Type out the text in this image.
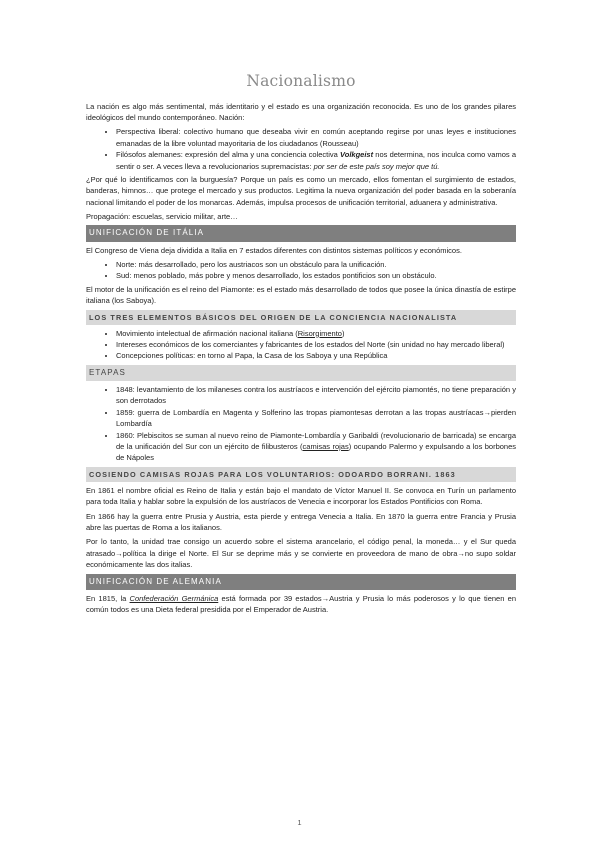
Nacionalismo

La nación es algo más sentimental, más identitario y el estado es una organización reconocida. Es uno de los grandes pilares ideológicos del mundo contemporáneo. Nación:

• Perspectiva liberal: colectivo humano que deseaba vivir en común aceptando regirse por unas leyes e instituciones emanadas de la libre voluntad mayoritaria de los ciudadanos (Rousseau)
• Filósofos alemanes: expresión del alma y una conciencia colectiva Volkgeist nos determina, nos inculca como vamos a sentir o ser. A veces lleva a revolucionarios supremacistas: por ser de este país soy mejor que tú.

¿Por qué lo identificamos con la burguesía? Porque un país es como un mercado, ellos fomentan el surgimiento de estados, banderas, himnos… que protege el mercado y sus productos. Legitima la nueva organización del poder basada en la soberanía nacional limitando el poder de los monarcas. Además, impulsa procesos de unificación territorial, aduanera y administrativa.

Propagación: escuelas, servicio militar, arte…

UNIFICACIÓN DE ITÁLIA

El Congreso de Viena deja dividida a Italia en 7 estados diferentes con distintos sistemas políticos y económicos.

• Norte: más desarrollado, pero los austriacos son un obstáculo para la unificación.
• Sud: menos poblado, más pobre y menos desarrollado, los estados pontificios son un obstáculo.

El motor de la unificación es el reino del Piamonte: es el estado más desarrollado de todos que posee la única dinastía de estirpe italiana (los Saboya).

LOS TRES ELEMENTOS BÁSICOS DEL ORIGEN DE LA CONCIENCIA NACIONALISTA
• Movimiento intelectual de afirmación nacional italiana (Risorgimento)
• Intereses económicos de los comerciantes y fabricantes de los estados del Norte (sin unidad no hay mercado liberal)
• Concepciones políticas: en torno al Papa, la Casa de los Saboya y una República
ETAPAS
• 1848: levantamiento de los milaneses contra los austríacos e intervención del ejército piamontés, no tiene preparación y son derrotados
• 1859: guerra de Lombardía en Magenta y Solferino las tropas piamontesas derrotan a las tropas austríacas→pierden Lombardía
• 1860: Plebiscitos se suman al nuevo reino de Piamonte-Lombardía y Garibaldi (revolucionario de barricada) se encarga de la unificación del Sur con un ejército de filibusteros (camisas rojas) ocupando Palermo y expulsando a los borbones de Nápoles
COSIENDO CAMISAS ROJAS PARA LOS VOLUNTARIOS: ODOARDO BORRANI. 1863

En 1861 el nombre oficial es Reino de Italia y están bajo el mandato de Víctor Manuel II. Se convoca en Turín un parlamento para toda Italia y hablar sobre la expulsión de los austríacos de Venecia e incorporar los Estados Pontificios con Roma.

En 1866 hay la guerra entre Prusia y Austria, esta pierde y entrega Venecia a Italia. En 1870 la guerra entre Francia y Prusia abre las puertas de Roma a los italianos.

Por lo tanto, la unidad trae consigo un acuerdo sobre el sistema arancelario, el código penal, la moneda… y el Sur queda atrasado→política la dirige el Norte. El Sur se deprime más y se convierte en proveedora de mano de obra→no supo soldar económicamente las dos italias.

UNIFICACIÓN DE ALEMANIA

En 1815, la Confederación Germánica está formada por 39 estados→Austria y Prusia lo más poderosos y lo que tienen en común todos es una Dieta federal presidida por el Emperador de Austria.

1
